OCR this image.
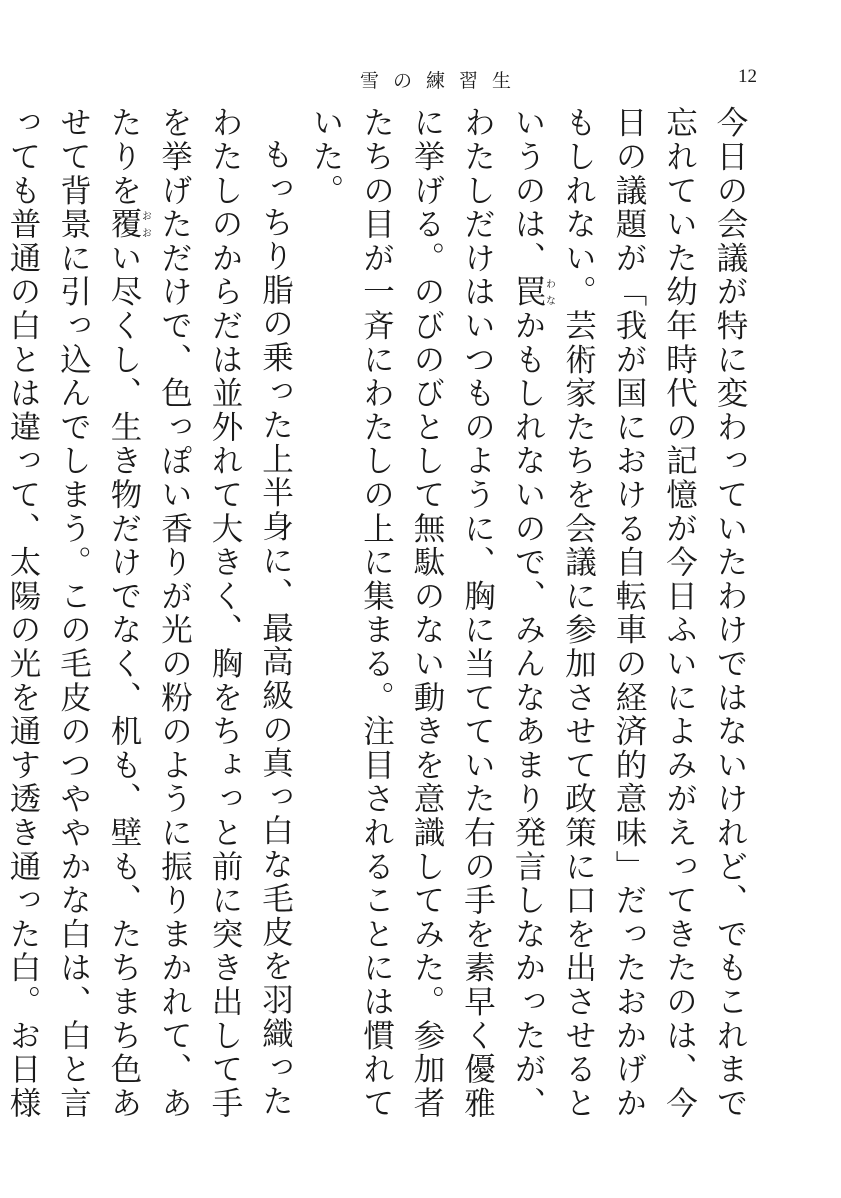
雪の練習生	12

今日の会議が特に変わっていたわけではないけれど、でもこれまで忘れていた幼年時代の記憶が今日ふいによみがえってきたのは、今日の議題が「我が国における自転車の経済的意味」だったおかげかもしれない。芸術家たちを会議に参加させて政策に口を出させるというのは、罠わなかもしれないので、みんなあまり発言しなかったが、わたしだけはいつものように、胸に当てていた右の手を素早く優雅に挙げる。のびのびとして無駄のない動きを意識してみた。参加者たちの目が一斉にわたしの上に集まる。注目されることには慣れていた。

もっちり脂の乗った上半身に、最高級の真っ白な毛皮を羽織ったわたしのからだは並外れて大きく、胸をちょっと前に突き出して手を挙げただけで、色っぽい香りが光の粉のように振りまかれて、あたりを覆おおい尽くし、生き物だけでなく、机も、壁も、たちまち色あせて背景に引っ込んでしまう。この毛皮のつややかな白は、白と言っても普通の白とは違って、太陽の光を通す透き通った白。お日様
